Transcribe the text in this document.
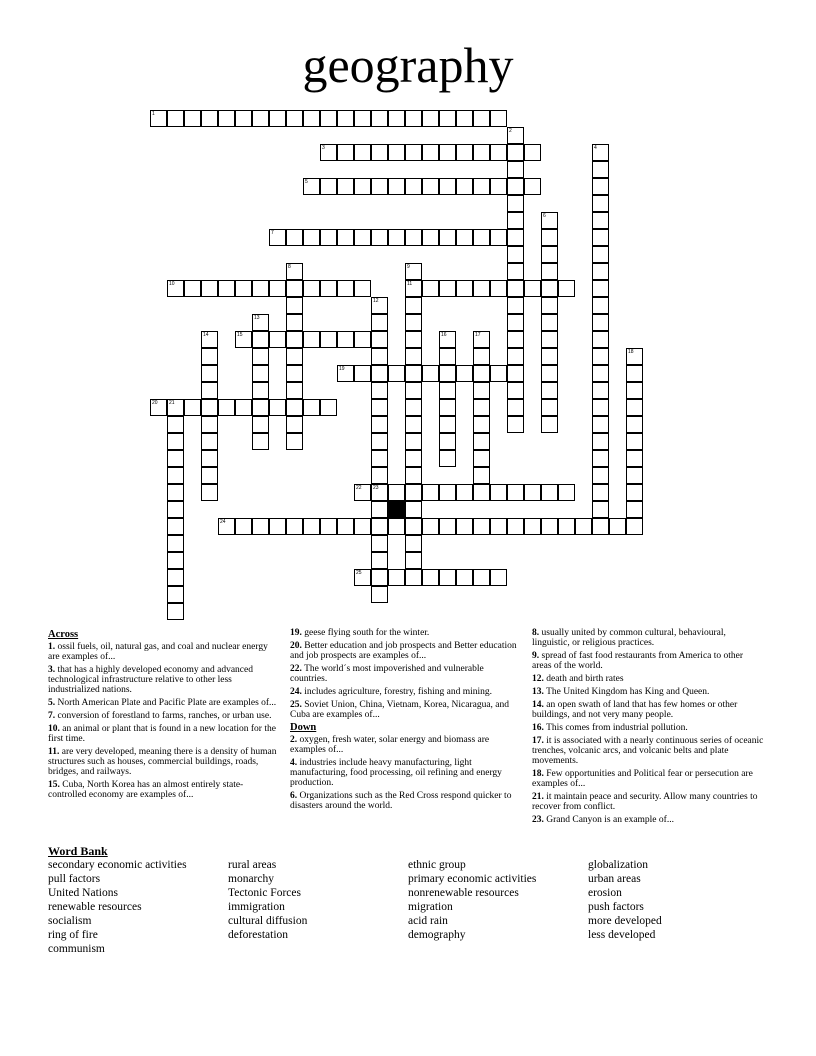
geography
1
2
3	4
5
6
7
8	9
10	11
12
13
14	15	16	17
18
19
20 21
22 23
24
25
Across
1. ossil fuels, oil, natural gas, and coal and nuclear energy are examples of...
3. that has a highly developed economy and advanced technological infrastructure relative to other less industrialized nations.
5. North American Plate and Pacific Plate are examples of...
7. conversion of forestland to farms, ranches, or urban use.
10. an animal or plant that is found in a new location for the first time.
11. are very developed, meaning there is a density of human structures such as houses, commercial buildings, roads, bridges, and railways.
15. Cuba, North Korea has an almost entirely state-controlled economy are examples of...
19. geese flying south for the winter.
20. Better education and job prospects and Better education and job prospects are examples of...
22. The world´s most impoverished and vulnerable countries.
24. includes agriculture, forestry, fishing and mining.
25. Soviet Union, China, Vietnam, Korea, Nicaragua, and Cuba are examples of...
Down
2. oxygen, fresh water, solar energy and biomass are examples of...
4. industries include heavy manufacturing, light manufacturing, food processing, oil refining and energy production.
6. Organizations such as the Red Cross respond quicker to disasters around the world.
8. usually united by common cultural, behavioural, linguistic, or religious practices.
9. spread of fast food restaurants from America to other areas of the world.
12. death and birth rates
13. The United Kingdom has King and Queen.
14. an open swath of land that has few homes or other buildings, and not very many people.
16. This comes from industrial pollution.
17. it is associated with a nearly continuous series of oceanic trenches, volcanic arcs, and volcanic belts and plate movements.
18. Few opportunities and Political fear or persecution are examples of...
21. it maintain peace and security. Allow many countries to recover from conflict.
23. Grand Canyon is an example of...
Word Bank
secondary economic activities
pull factors
United Nations
renewable resources
socialism
ring of fire
communism
rural areas
monarchy
Tectonic Forces
immigration
cultural diffusion
deforestation
ethnic group
primary economic activities
nonrenewable resources
migration
acid rain
demography
globalization
urban areas
erosion
push factors
more developed
less developed
